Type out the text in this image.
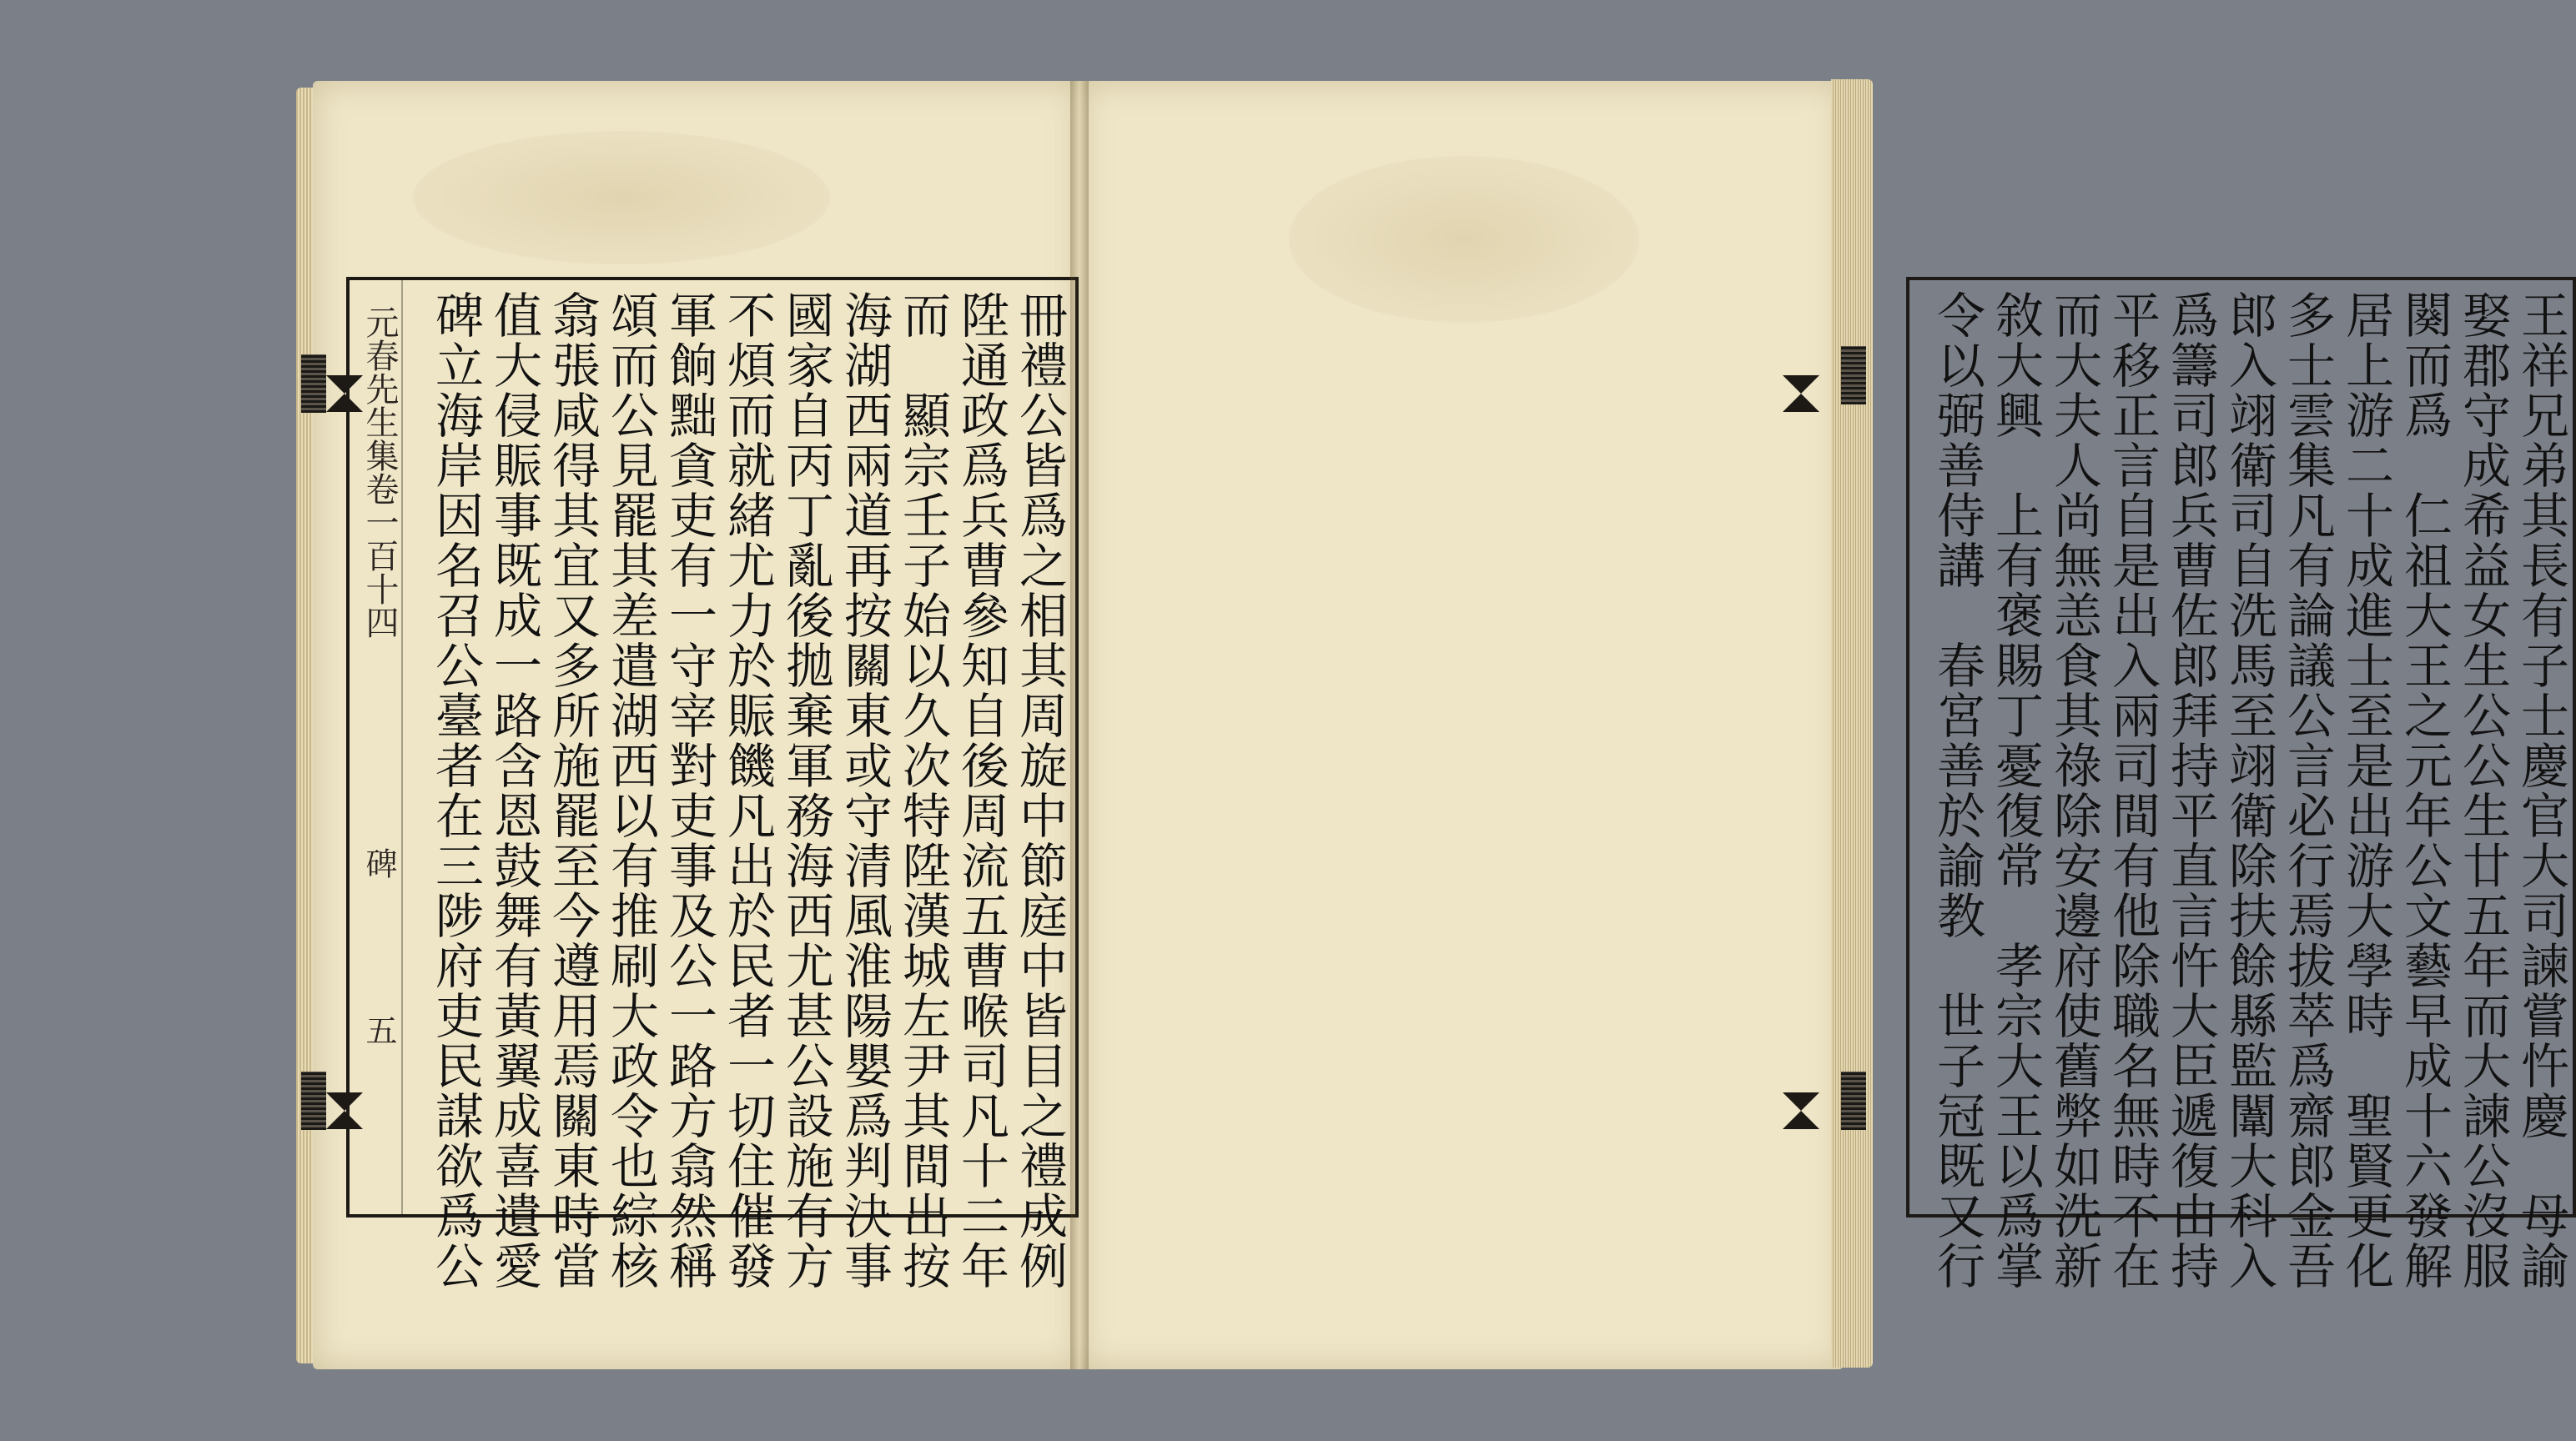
元春先生集卷一百十四
碑
五	冊禮公皆爲之相其周旋中節庭中皆目之禮成例
陞通政爲兵曹參知自後周流五曹喉司凡十二年
而　顯宗壬子始以久次特陞漢城左尹其間出按
海湖西兩道再按關東或守清風淮陽嬰爲判決事
國家自丙丁亂後拋棄軍務海西尤甚公設施有方
不煩而就緒尤力於賑饑凡出於民者一切住催發
軍餉黜貪吏有一守宰對吏事及公一路方翕然稱
頌而公見罷其差遣湖西以有推刷大政令也綜核
翕張咸得其宜又多所施罷至今遵用焉關東時當
值大侵賑事既成一路含恩鼓舞有黃翼成喜遺愛
碑立海岸因名召公臺者在三陟府吏民謀欲爲公	王祥兄弟其長有子士慶官大司諫嘗忤慶　母諭
娶郡守成希益女生公公生廿五年而大諫公沒服
闋而爲　仁祖大王之元年公文藝早成十六發解
居上游二十成進士至是出游大學時　聖賢更化
多士雲集凡有論議公言必行焉拔萃爲齋郎金吾
郎入翊衛司自洗馬至翊衛除扶餘縣監闈大科入
爲籌司郎兵曹佐郎拜持平直言忤大臣遞復由持
平移正言自是出入兩司間有他除職名無時不在
而大夫人尚無恙食其祿除安邊府使舊弊如洗新
敘大興　上有褒賜丁憂復常　孝宗大王以爲掌
令以弼善侍講　春宮善於諭教　世子冠既又行
